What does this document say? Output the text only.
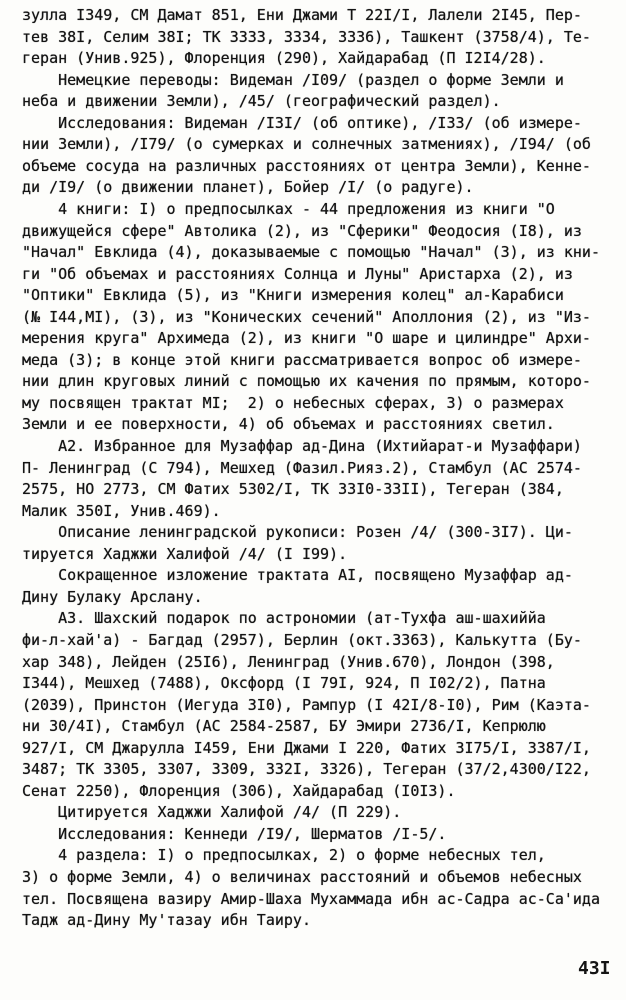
зулла I349, СМ Дамат 851, Ени Джами Т 22I/I, Лалели 2I45, Пер-
тев 38I, Селим 38I; ТК 3333, 3334, 3336), Ташкент (3758/4), Те-
геран (Унив.925), Флоренция (290), Хайдарабад (П I2I4/28).
Немецкие переводы: Видеман /I09/ (раздел о форме Земли и
неба и движении Земли), /45/ (географический раздел).
Исследования: Видеман /I3I/ (об оптике), /I33/ (об измере-
нии Земли), /I79/ (о сумерках и солнечных затмениях), /I94/ (об
объеме сосуда на различных расстояниях от центра Земли), Кенне-
ди /I9/ (о движении планет), Бойер /I/ (о радуге).
4 книги: I) о предпосылках - 44 предложения из книги "О
движущейся сфере" Автолика (2), из "Сферики" Феодосия (I8), из
"Начал" Евклида (4), доказываемые с помощью "Начал" (3), из кни-
ги "Об объемах и расстояниях Солнца и Луны" Аристарха (2), из
"Оптики" Евклида (5), из "Книги измерения колец" ал-Карабиси
(№ I44,MI), (3), из "Конических сечений" Аполлония (2), из "Из-
мерения круга" Архимеда (2), из книги "О шаре и цилиндре" Архи-
меда (3); в конце этой книги рассматривается вопрос об измере-
нии длин круговых линий с помощью их качения по прямым, которо-
му посвящен трактат MI;  2) о небесных сферах, 3) о размерах
Земли и ее поверхности, 4) об объемах и расстояниях светил.
А2. Избранное для Музаффар ад-Дина (Ихтийарат-и Музаффари)
П- Ленинград (С 794), Мешхед (Фазил.Рияз.2), Стамбул (АС 2574-
2575, НО 2773, СМ Фатих 5302/I, ТК 33I0-33II), Тегеран (384,
Малик 350I, Унив.469).
Описание ленинградской рукописи: Розен /4/ (300-3I7). Ци-
тируется Хаджжи Халифой /4/ (I I99).
Сокращенное изложение трактата AI, посвящено Музаффар ад-
Дину Булаку Арслану.
А3. Шахский подарок по астрономии (ат-Тухфа аш-шахиййа
фи-л-хай'а) - Багдад (2957), Берлин (окт.3363), Калькутта (Бу-
хар 348), Лейден (25I6), Ленинград (Унив.670), Лондон (398,
I344), Мешхед (7488), Оксфорд (I 79I, 924, П I02/2), Патна
(2039), Принстон (Иегуда 3I0), Рампур (I 42I/8-I0), Рим (Каэта-
ни 30/4I), Стамбул (АС 2584-2587, БУ Эмири 2736/I, Кепрюлю
927/I, СМ Джарулла I459, Ени Джами I 220, Фатих 3I75/I, 3387/I,
3487; ТК 3305, 3307, 3309, 332I, 3326), Тегеран (37/2,4300/I22,
Сенат 2250), Флоренция (306), Хайдарабад (I0I3).
Цитируется Хаджжи Халифой /4/ (П 229).
Исследования: Кеннеди /I9/, Шерматов /I-5/.
4 раздела: I) о предпосылках, 2) о форме небесных тел,
3) о форме Земли, 4) о величинах расстояний и объемов небесных
тел. Посвящена вазиру Амир-Шаха Мухаммада ибн ас-Садра ас-Са'ида
Тадж ад-Дину Му'тазау ибн Таиру.
43I
